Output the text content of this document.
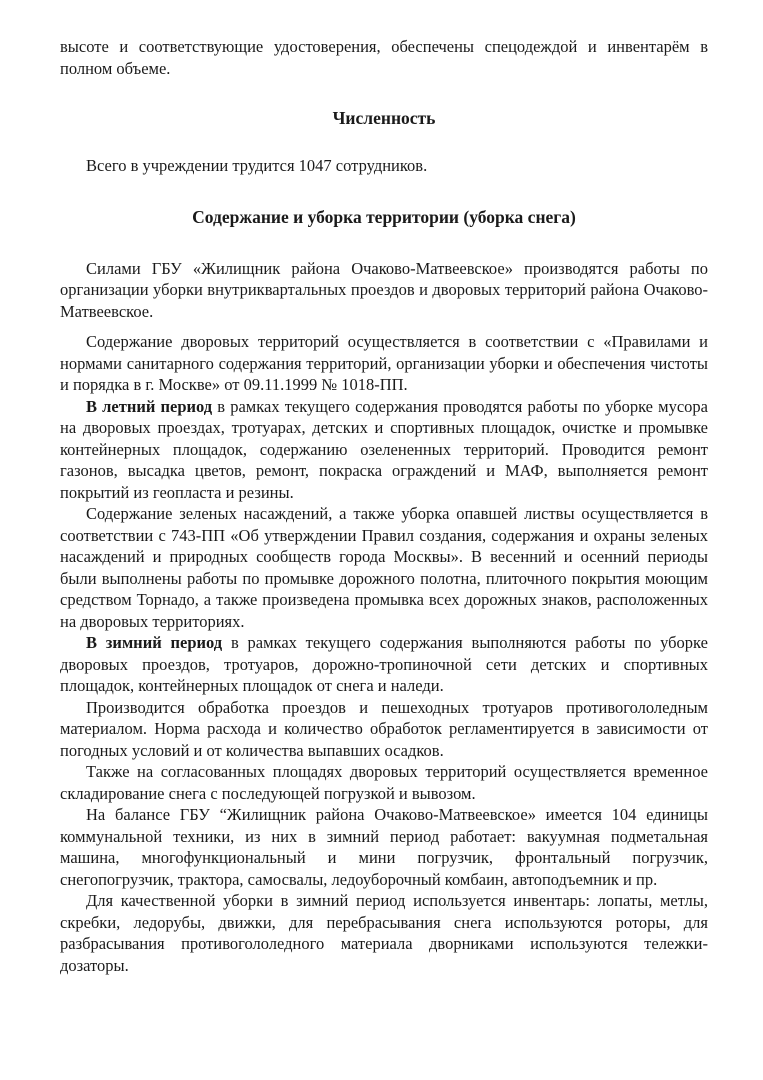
высоте и соответствующие удостоверения, обеспечены спецодеждой и инвентарём в полном объеме.

Численность

Всего в учреждении трудится 1047 сотрудников.

Содержание и уборка территории (уборка снега)

Силами ГБУ «Жилищник района Очаково-Матвеевское» производятся работы по организации уборки внутриквартальных проездов и дворовых территорий района Очаково-Матвеевское.

Содержание дворовых территорий осуществляется в соответствии с «Правилами и нормами санитарного содержания территорий, организации уборки и обеспечения чистоты и порядка в г. Москве» от 09.11.1999 № 1018-ПП.

В летний период в рамках текущего содержания проводятся работы по уборке мусора на дворовых проездах, тротуарах, детских и спортивных площадок, очистке и промывке контейнерных площадок, содержанию озелененных территорий. Проводится ремонт газонов, высадка цветов, ремонт, покраска ограждений и МАФ, выполняется ремонт покрытий из геопласта и резины.

Содержание зеленых насаждений, а также уборка опавшей листвы осуществляется в соответствии с 743-ПП «Об утверждении Правил создания, содержания и охраны зеленых насаждений и природных сообществ города Москвы». В весенний и осенний периоды были выполнены работы по промывке дорожного полотна, плиточного покрытия моющим средством Торнадо, а также произведена промывка всех дорожных знаков, расположенных на дворовых территориях.

В зимний период в рамках текущего содержания выполняются работы по уборке дворовых проездов, тротуаров, дорожно-тропиночной сети детских и спортивных площадок, контейнерных площадок от снега и наледи.

Производится обработка проездов и пешеходных тротуаров противогололедным материалом. Норма расхода и количество обработок регламентируется в зависимости от погодных условий и от количества выпавших осадков.

Также на согласованных площадях дворовых территорий осуществляется временное складирование снега с последующей погрузкой и вывозом.

На балансе ГБУ “Жилищник района Очаково-Матвеевское» имеется 104 единицы коммунальной техники, из них в зимний период работает: вакуумная подметальная машина, многофункциональный и мини погрузчик, фронтальный погрузчик, снегопогрузчик, трактора, самосвалы, ледоуборочный комбаин, автоподъемник и пр.

Для качественной уборки в зимний период используется инвентарь: лопаты, метлы, скребки, ледорубы, движки, для перебрасывания снега используются роторы, для разбрасывания противогололедного материала дворниками используются тележки-дозаторы.
